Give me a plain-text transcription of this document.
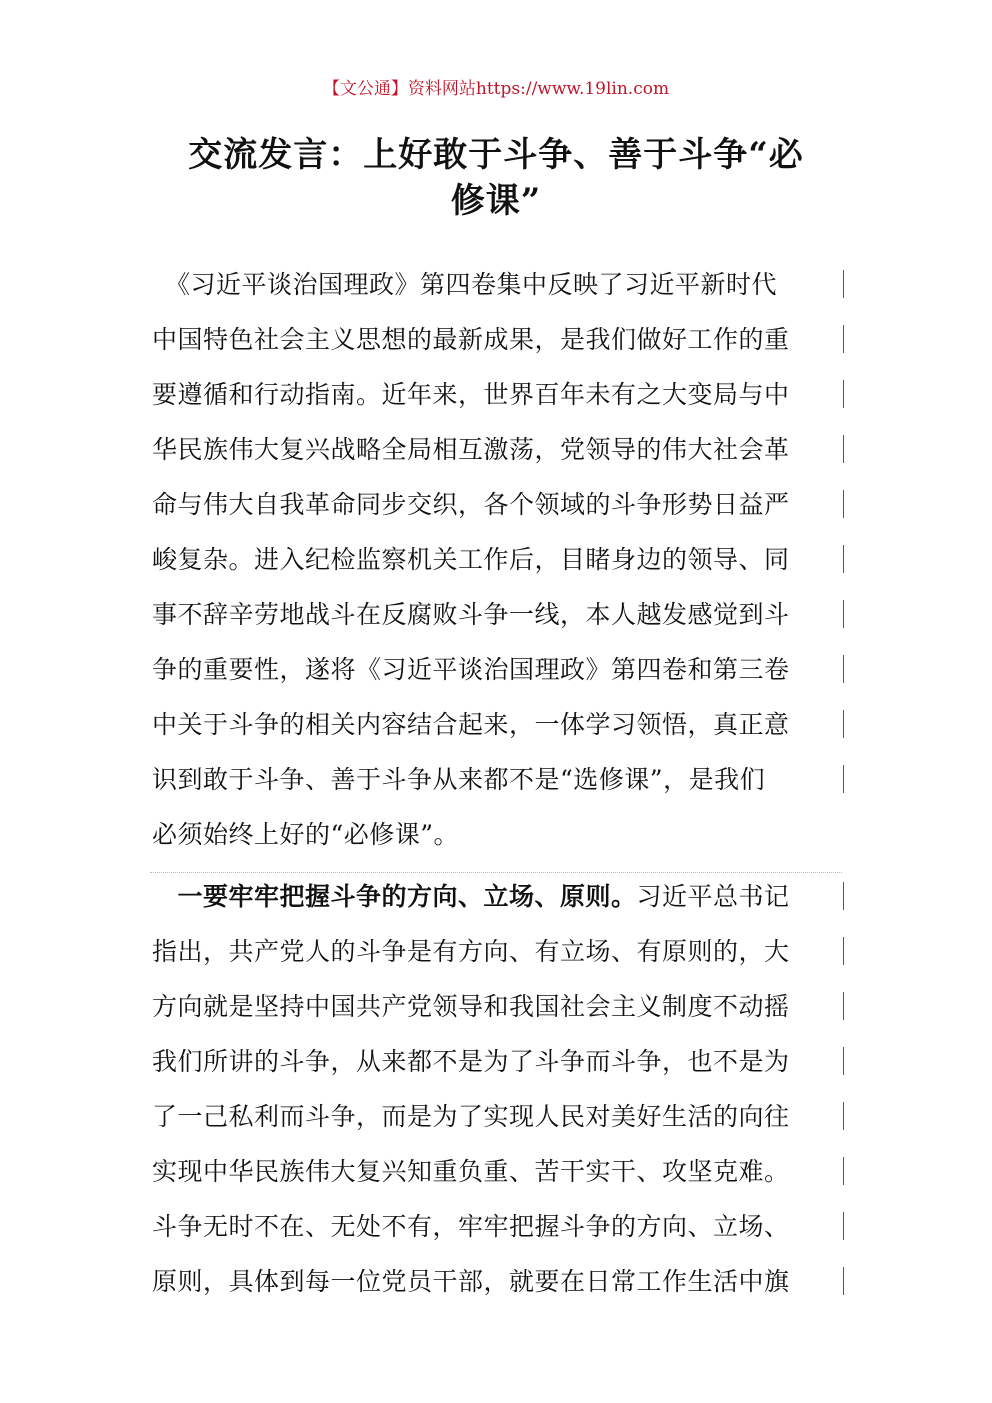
【文公通】资料网站https://www.19lin.com
交流发言：上好敢于斗争、善于斗争“必
修课”
　《习近平谈治国理政》第四卷集中反映了习近平新时代
中国特色社会主义思想的最新成果，是我们做好工作的重
要遵循和行动指南。近年来，世界百年未有之大变局与中
华民族伟大复兴战略全局相互激荡，党领导的伟大社会革
命与伟大自我革命同步交织，各个领域的斗争形势日益严
峻复杂。进入纪检监察机关工作后，目睹身边的领导、同
事不辞辛劳地战斗在反腐败斗争一线，本人越发感觉到斗
争的重要性，遂将《习近平谈治国理政》第四卷和第三卷
中关于斗争的相关内容结合起来，一体学习领悟，真正意
识到敢于斗争、善于斗争从来都不是“选修课”，是我们
必须始终上好的“必修课”。
　一要牢牢把握斗争的方向、立场、原则。习近平总书记
指出，共产党人的斗争是有方向、有立场、有原则的，大
方向就是坚持中国共产党领导和我国社会主义制度不动摇
我们所讲的斗争，从来都不是为了斗争而斗争，也不是为
了一己私利而斗争，而是为了实现人民对美好生活的向往
实现中华民族伟大复兴知重负重、苦干实干、攻坚克难。
斗争无时不在、无处不有，牢牢把握斗争的方向、立场、
原则，具体到每一位党员干部，就要在日常工作生活中旗
